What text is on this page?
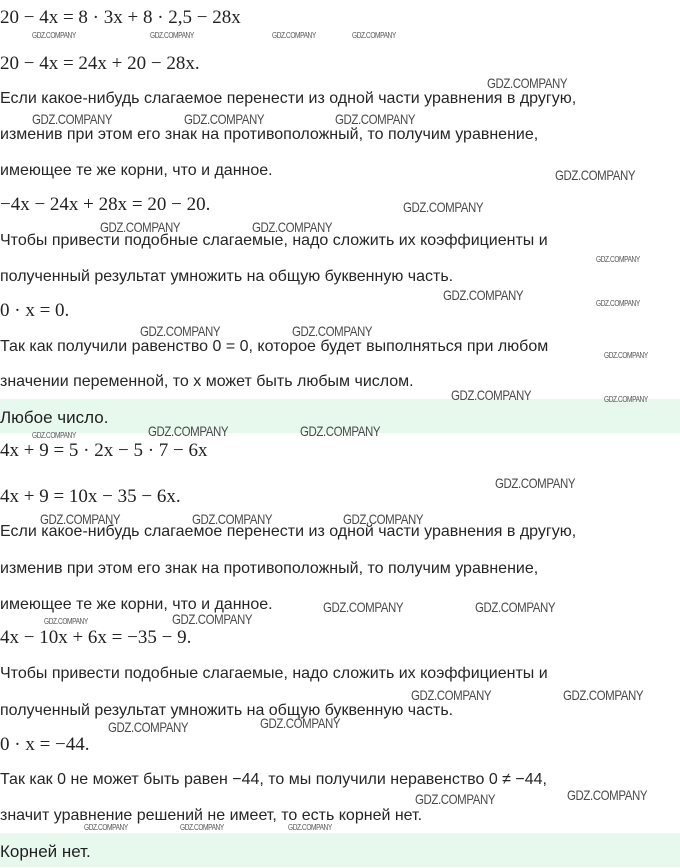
20 − 4x = 8 · 3x + 8 · 2,5 − 28x
20 − 4x = 24x + 20 − 28x.
Если какое-нибудь слагаемое перенести из одной части уравнения в другую,
изменив при этом его знак на противоположный, то получим уравнение,
имеющее те же корни, что и данное.
−4x − 24x + 28x = 20 − 20.
Чтобы привести подобные слагаемые, надо сложить их коэффициенты и
полученный результат умножить на общую буквенную часть.
0 · x = 0.
Так как получили равенство 0 = 0, которое будет выполняться при любом
значении переменной, то x может быть любым числом.
Любое число.
4x + 9 = 5 · 2x − 5 · 7 − 6x
4x + 9 = 10x − 35 − 6x.
Если какое-нибудь слагаемое перенести из одной части уравнения в другую,
изменив при этом его знак на противоположный, то получим уравнение,
имеющее те же корни, что и данное.
4x − 10x + 6x = −35 − 9.
Чтобы привести подобные слагаемые, надо сложить их коэффициенты и
полученный результат умножить на общую буквенную часть.
0 · x = −44.
Так как 0 не может быть равен −44, то мы получили неравенство 0 ≠ −44,
значит уравнение решений не имеет, то есть корней нет.
Корней нет.
GDZ.COMPANY	GDZ.COMPANY	GDZ.COMPANY	GDZ.COMPANY
GDZ.COMPANY
GDZ.COMPANY	GDZ.COMPANY	GDZ.COMPANY
GDZ.COMPANY
GDZ.COMPANY
GDZ.COMPANY	GDZ.COMPANY
GDZ.COMPANY
GDZ.COMPANY
GDZ.COMPANY
GDZ.COMPANY	GDZ.COMPANY
GDZ.COMPANY
GDZ.COMPANY	GDZ.COMPANY
GDZ.COMPANY	GDZ.COMPANY
GDZ.COMPANY
GDZ.COMPANY
GDZ.COMPANY	GDZ.COMPANY	GDZ.COMPANY
GDZ.COMPANY	GDZ.COMPANY
GDZ.COMPANY
GDZ.COMPANY
GDZ.COMPANY	GDZ.COMPANY
GDZ.COMPANY	GDZ.COMPANY
GDZ.COMPANY
GDZ.COMPANY
GDZ.COMPANY	GDZ.COMPANY	GDZ.COMPANY
